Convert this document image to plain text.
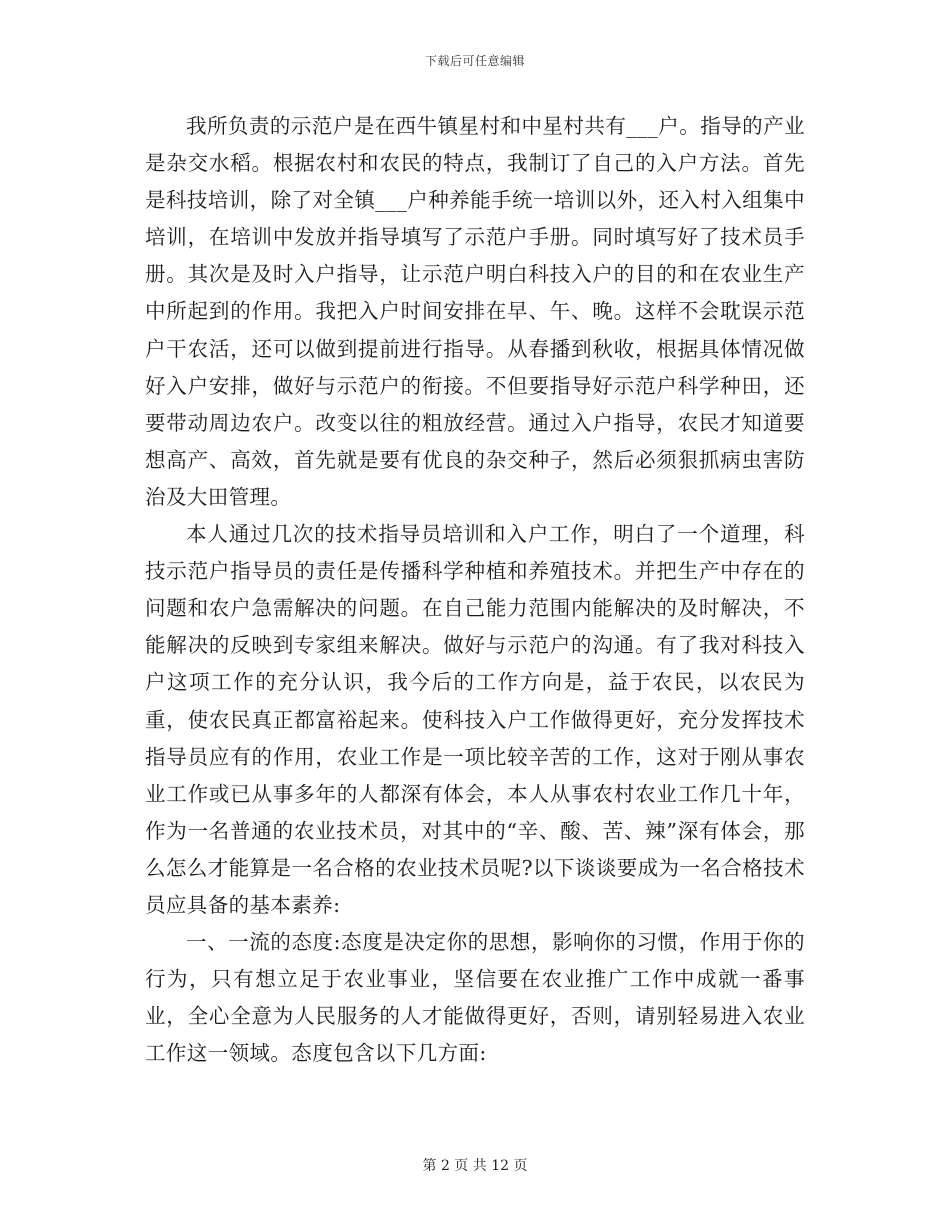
下载后可任意编辑

我所负责的示范户是在西牛镇星村和中星村共有___户。指导的产业是杂交水稻。根据农村和农民的特点，我制订了自己的入户方法。首先是科技培训，除了对全镇___户种养能手统一培训以外，还入村入组集中培训，在培训中发放并指导填写了示范户手册。同时填写好了技术员手册。其次是及时入户指导，让示范户明白科技入户的目的和在农业生产中所起到的作用。我把入户时间安排在早、午、晚。这样不会耽误示范户干农活，还可以做到提前进行指导。从春播到秋收，根据具体情况做好入户安排，做好与示范户的衔接。不但要指导好示范户科学种田，还要带动周边农户。改变以往的粗放经营。通过入户指导，农民才知道要想高产、高效，首先就是要有优良的杂交种子，然后必须狠抓病虫害防治及大田管理。

本人通过几次的技术指导员培训和入户工作，明白了一个道理，科技示范户指导员的责任是传播科学种植和养殖技术。并把生产中存在的问题和农户急需解决的问题。在自己能力范围内能解决的及时解决，不能解决的反映到专家组来解决。做好与示范户的沟通。有了我对科技入户这项工作的充分认识，我今后的工作方向是，益于农民，以农民为重，使农民真正都富裕起来。使科技入户工作做得更好，充分发挥技术指导员应有的作用，农业工作是一项比较辛苦的工作，这对于刚从事农业工作或已从事多年的人都深有体会，本人从事农村农业工作几十年，作为一名普通的农业技术员，对其中的“辛、酸、苦、辣”深有体会，那么怎么才能算是一名合格的农业技术员呢?以下谈谈要成为一名合格技术员应具备的基本素养:

一、一流的态度:态度是决定你的思想，影响你的习惯，作用于你的行为，只有想立足于农业事业，坚信要在农业推广工作中成就一番事业，全心全意为人民服务的人才能做得更好，否则，请别轻易进入农业工作这一领域。态度包含以下几方面:

第 2 页 共 12 页
